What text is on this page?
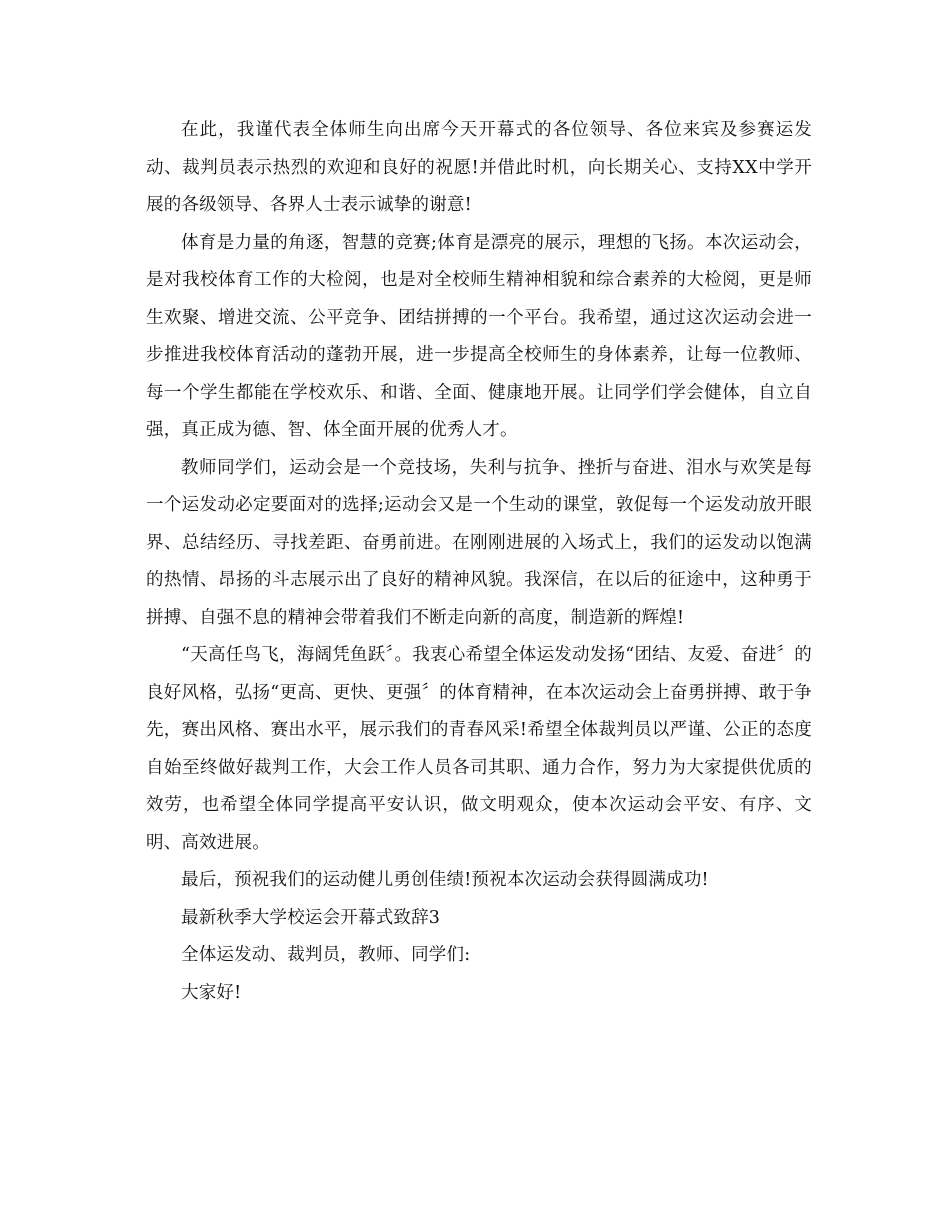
在此，我谨代表全体师生向出席今天开幕式的各位领导、各位来宾及参赛运发动、裁判员表示热烈的欢迎和良好的祝愿!并借此时机，向长期关心、支持XX中学开展的各级领导、各界人士表示诚挚的谢意!

体育是力量的角逐，智慧的竞赛;体育是漂亮的展示，理想的飞扬。本次运动会，是对我校体育工作的大检阅，也是对全校师生精神相貌和综合素养的大检阅，更是师生欢聚、增进交流、公平竞争、团结拼搏的一个平台。我希望，通过这次运动会进一步推进我校体育活动的蓬勃开展，进一步提高全校师生的身体素养，让每一位教师、每一个学生都能在学校欢乐、和谐、全面、健康地开展。让同学们学会健体，自立自强，真正成为德、智、体全面开展的优秀人才。

教师同学们，运动会是一个竞技场，失利与抗争、挫折与奋进、泪水与欢笑是每一个运发动必定要面对的选择;运动会又是一个生动的课堂，敦促每一个运发动放开眼界、总结经历、寻找差距、奋勇前进。在刚刚进展的入场式上，我们的运发动以饱满的热情、昂扬的斗志展示出了良好的精神风貌。我深信，在以后的征途中，这种勇于拼搏、自强不息的精神会带着我们不断走向新的高度，制造新的辉煌!

“天高任鸟飞，海阔凭鱼跃〞。我衷心希望全体运发动发扬“团结、友爱、奋进〞的良好风格，弘扬“更高、更快、更强〞的体育精神，在本次运动会上奋勇拼搏、敢于争先，赛出风格、赛出水平，展示我们的青春风采!希望全体裁判员以严谨、公正的态度自始至终做好裁判工作，大会工作人员各司其职、通力合作，努力为大家提供优质的效劳，也希望全体同学提高平安认识，做文明观众，使本次运动会平安、有序、文明、高效进展。

最后，预祝我们的运动健儿勇创佳绩!预祝本次运动会获得圆满成功!

最新秋季大学校运会开幕式致辞3

全体运发动、裁判员，教师、同学们:

大家好!
